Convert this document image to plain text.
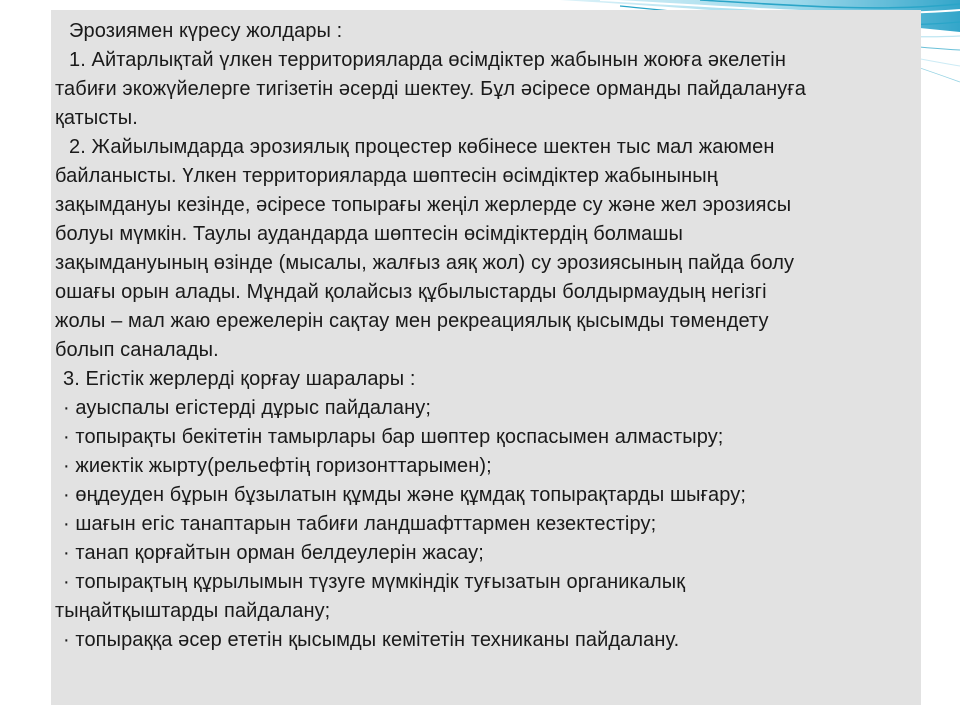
Эрозиямен күресу жолдары :
1. Айтарлықтай үлкен территорияларда өсімдіктер жабынын жоюға әкелетін
табиғи экожүйелерге тигізетін әсерді шектеу. Бұл әсіресе орманды пайдалануға
қатысты.
2. Жайылымдарда эрозиялық процестер көбінесе шектен тыс мал жаюмен
байланысты. Үлкен территорияларда шөптесін өсімдіктер жабынының
зақымдануы кезінде, әсіресе топырағы жеңіл жерлерде су және жел эрозиясы
болуы мүмкін. Таулы аудандарда шөптесін өсімдіктердің болмашы
зақымдануының өзінде (мысалы, жалғыз аяқ жол) су эрозиясының пайда болу
ошағы орын алады. Мұндай қолайсыз құбылыстарды болдырмаудың негізгі
жолы – мал жаю ережелерін сақтау мен рекреациялық қысымды төмендету
болып саналады.
3. Егістік жерлерді қорғау шаралары :
· ауыспалы егістерді дұрыс пайдалану;
· топырақты бекітетін тамырлары бар шөптер қоспасымен алмастыру;
· жиектік жырту(рельефтің горизонттарымен);
· өңдеуден бұрын бұзылатын құмды және құмдақ топырақтарды шығару;
· шағын егіс танаптарын табиғи ландшафттармен кезектестіру;
· танап қорғайтын орман белдеулерін жасау;
· топырақтың құрылымын түзуге мүмкіндік туғызатын органикалық
тыңайтқыштарды пайдалану;
· топыраққа әсер ететін қысымды кемітетін техниканы пайдалану.
